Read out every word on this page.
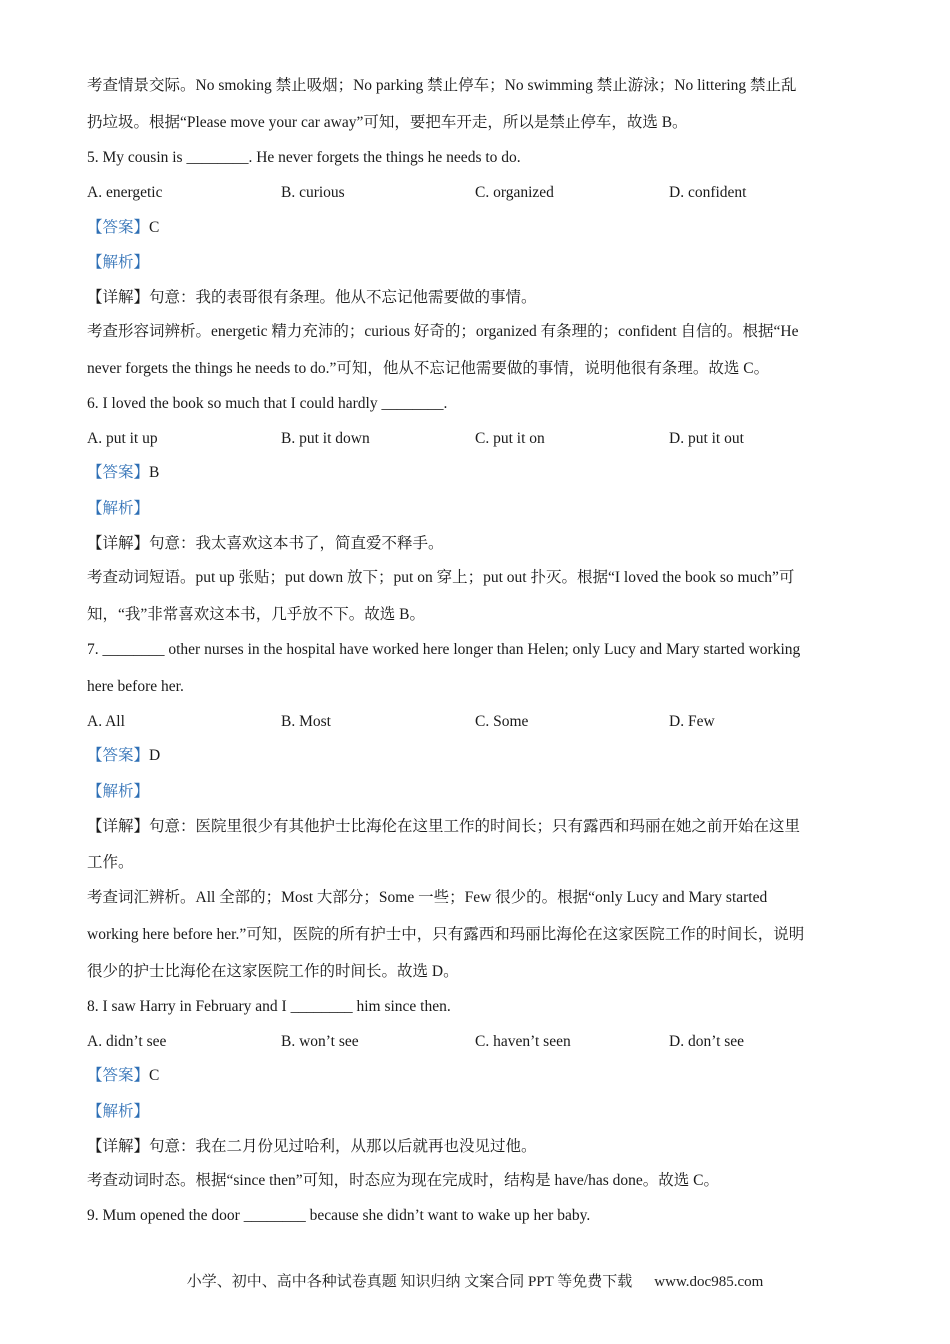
考查情景交际。No smoking 禁止吸烟；No parking 禁止停车；No swimming 禁止游泳；No littering 禁止乱
扔垃圾。根据“Please move your car away”可知，要把车开走，所以是禁止停车，故选 B。
5. My cousin is ________. He never forgets the things he needs to do.
A. energetic	B. curious	C. organized	D. confident
【答案】C
【解析】
【详解】句意：我的表哥很有条理。他从不忘记他需要做的事情。
考查形容词辨析。energetic 精力充沛的；curious 好奇的；organized 有条理的；confident 自信的。根据“He
never forgets the things he needs to do.”可知，他从不忘记他需要做的事情，说明他很有条理。故选 C。
6. I loved the book so much that I could hardly ________.
A. put it up	B. put it down	C. put it on	D. put it out
【答案】B
【解析】
【详解】句意：我太喜欢这本书了，简直爱不释手。
考查动词短语。put up 张贴；put down 放下；put on 穿上；put out 扑灭。根据“I loved the book so much”可
知，“我”非常喜欢这本书，几乎放不下。故选 B。
7. ________ other nurses in the hospital have worked here longer than Helen; only Lucy and Mary started working
here before her.
A. All	B. Most	C. Some	D. Few
【答案】D
【解析】
【详解】句意：医院里很少有其他护士比海伦在这里工作的时间长；只有露西和玛丽在她之前开始在这里
工作。
考查词汇辨析。All 全部的；Most 大部分；Some 一些；Few 很少的。根据“only Lucy and Mary started
working here before her.”可知，医院的所有护士中，只有露西和玛丽比海伦在这家医院工作的时间长，说明
很少的护士比海伦在这家医院工作的时间长。故选 D。
8. I saw Harry in February and I ________ him since then.
A. didn’t see	B. won’t see	C. haven’t seen	D. don’t see
【答案】C
【解析】
【详解】句意：我在二月份见过哈利，从那以后就再也没见过他。
考查动词时态。根据“since then”可知，时态应为现在完成时，结构是 have/has done。故选 C。
9. Mum opened the door ________ because she didn’t want to wake up her baby.
小学、初中、高中各种试卷真题 知识归纳 文案合同 PPT 等免费下载 www.doc985.com
